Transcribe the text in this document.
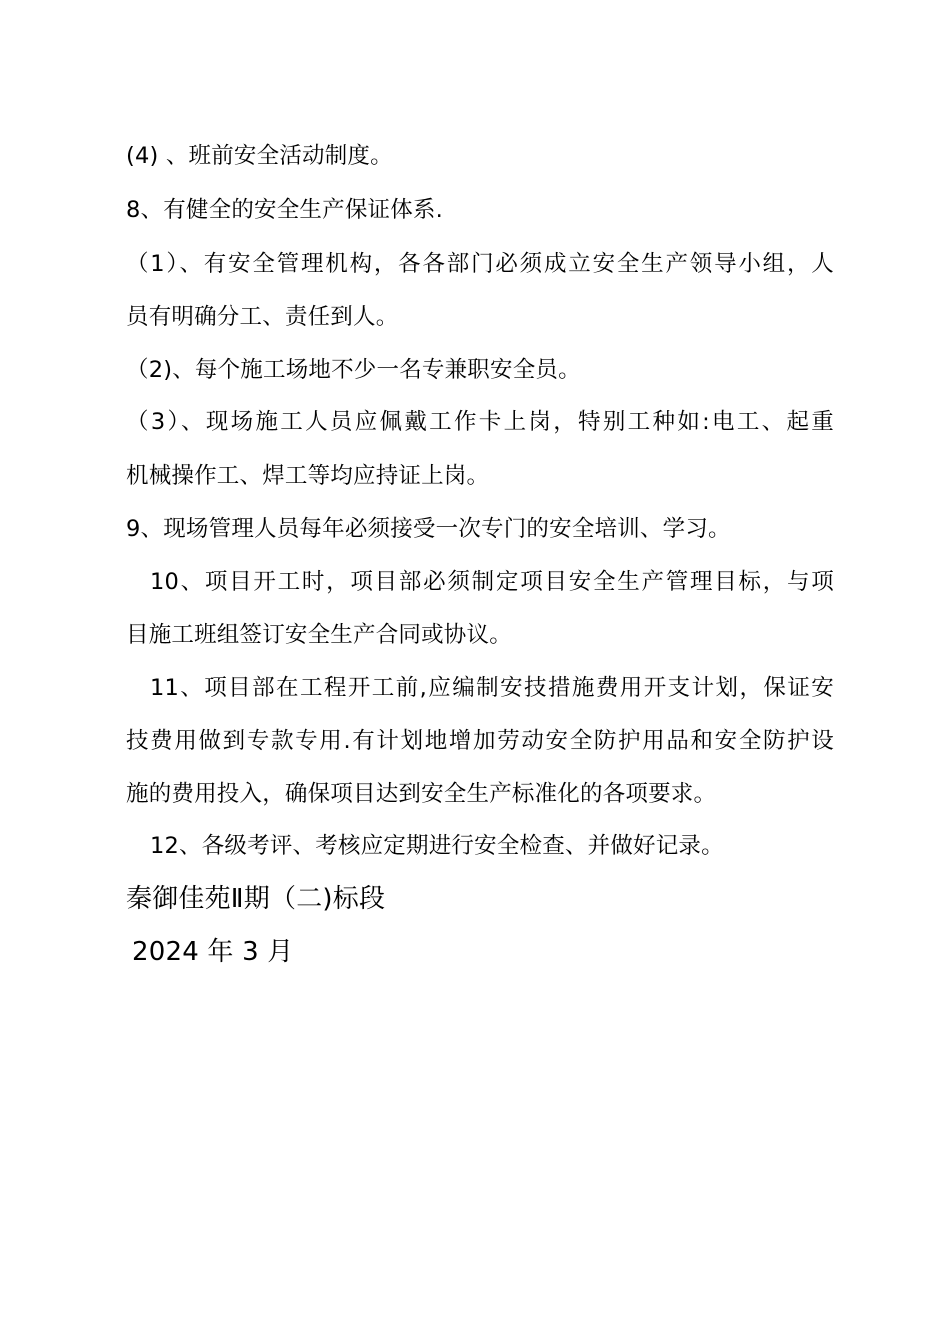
(4) 、班前安全活动制度。
8、有健全的安全生产保证体系.
（1）、有安全管理机构，各各部门必须成立安全生产领导小组，人
员有明确分工、责任到人。
（2)、每个施工场地不少一名专兼职安全员。
（3）、现场施工人员应佩戴工作卡上岗，特别工种如:电工、起重
机械操作工、焊工等均应持证上岗。
9、现场管理人员每年必须接受一次专门的安全培训、学习。
10、项目开工时，项目部必须制定项目安全生产管理目标，与项
目施工班组签订安全生产合同或协议。
11、项目部在工程开工前,应编制安技措施费用开支计划，保证安
技费用做到专款专用.有计划地增加劳动安全防护用品和安全防护设
施的费用投入，确保项目达到安全生产标准化的各项要求。
12、各级考评、考核应定期进行安全检查、并做好记录。
秦御佳苑Ⅱ期（二)标段
2024 年 3 月
